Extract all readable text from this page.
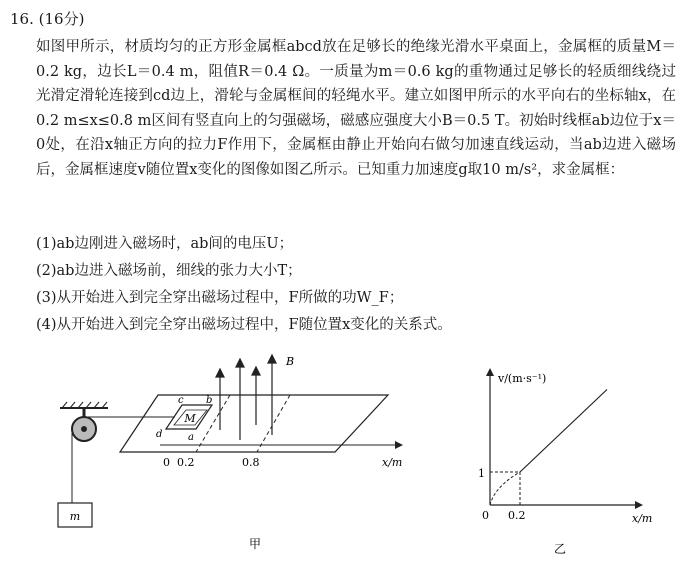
16. (16分)

如图甲所示，材质均匀的正方形金属框abcd放在足够长的绝缘光滑水平桌面上，金属框的质量M＝0.2 kg，边长L＝0.4 m，阻值R＝0.4 Ω。一质量为m＝0.6 kg的重物通过足够长的轻质细线绕过光滑定滑轮连接到cd边上，滑轮与金属框间的轻绳水平。建立如图甲所示的水平向右的坐标轴x，在0.2 m≤x≤0.8 m区间有竖直向上的匀强磁场，磁感应强度大小B＝0.5 T。初始时线框ab边位于x＝0处，在沿x轴正方向的拉力F作用下，金属框由静止开始向右做匀加速直线运动，当ab边进入磁场后，金属框速度v随位置x变化的图像如图乙所示。已知重力加速度g取10 m/s²，求金属框：

(1)ab边刚进入磁场时，ab间的电压U；
(2)ab边进入磁场前，细线的张力大小T；
(3)从开始进入到完全穿出磁场过程中，F所做的功W_F；
(4)从开始进入到完全穿出磁场过程中，F随位置x变化的关系式。
m
M
c b
d	a
B
0 0.2	0.8	x/m
甲
v/(m·s⁻¹)
x/m
0 0.2
1
乙
